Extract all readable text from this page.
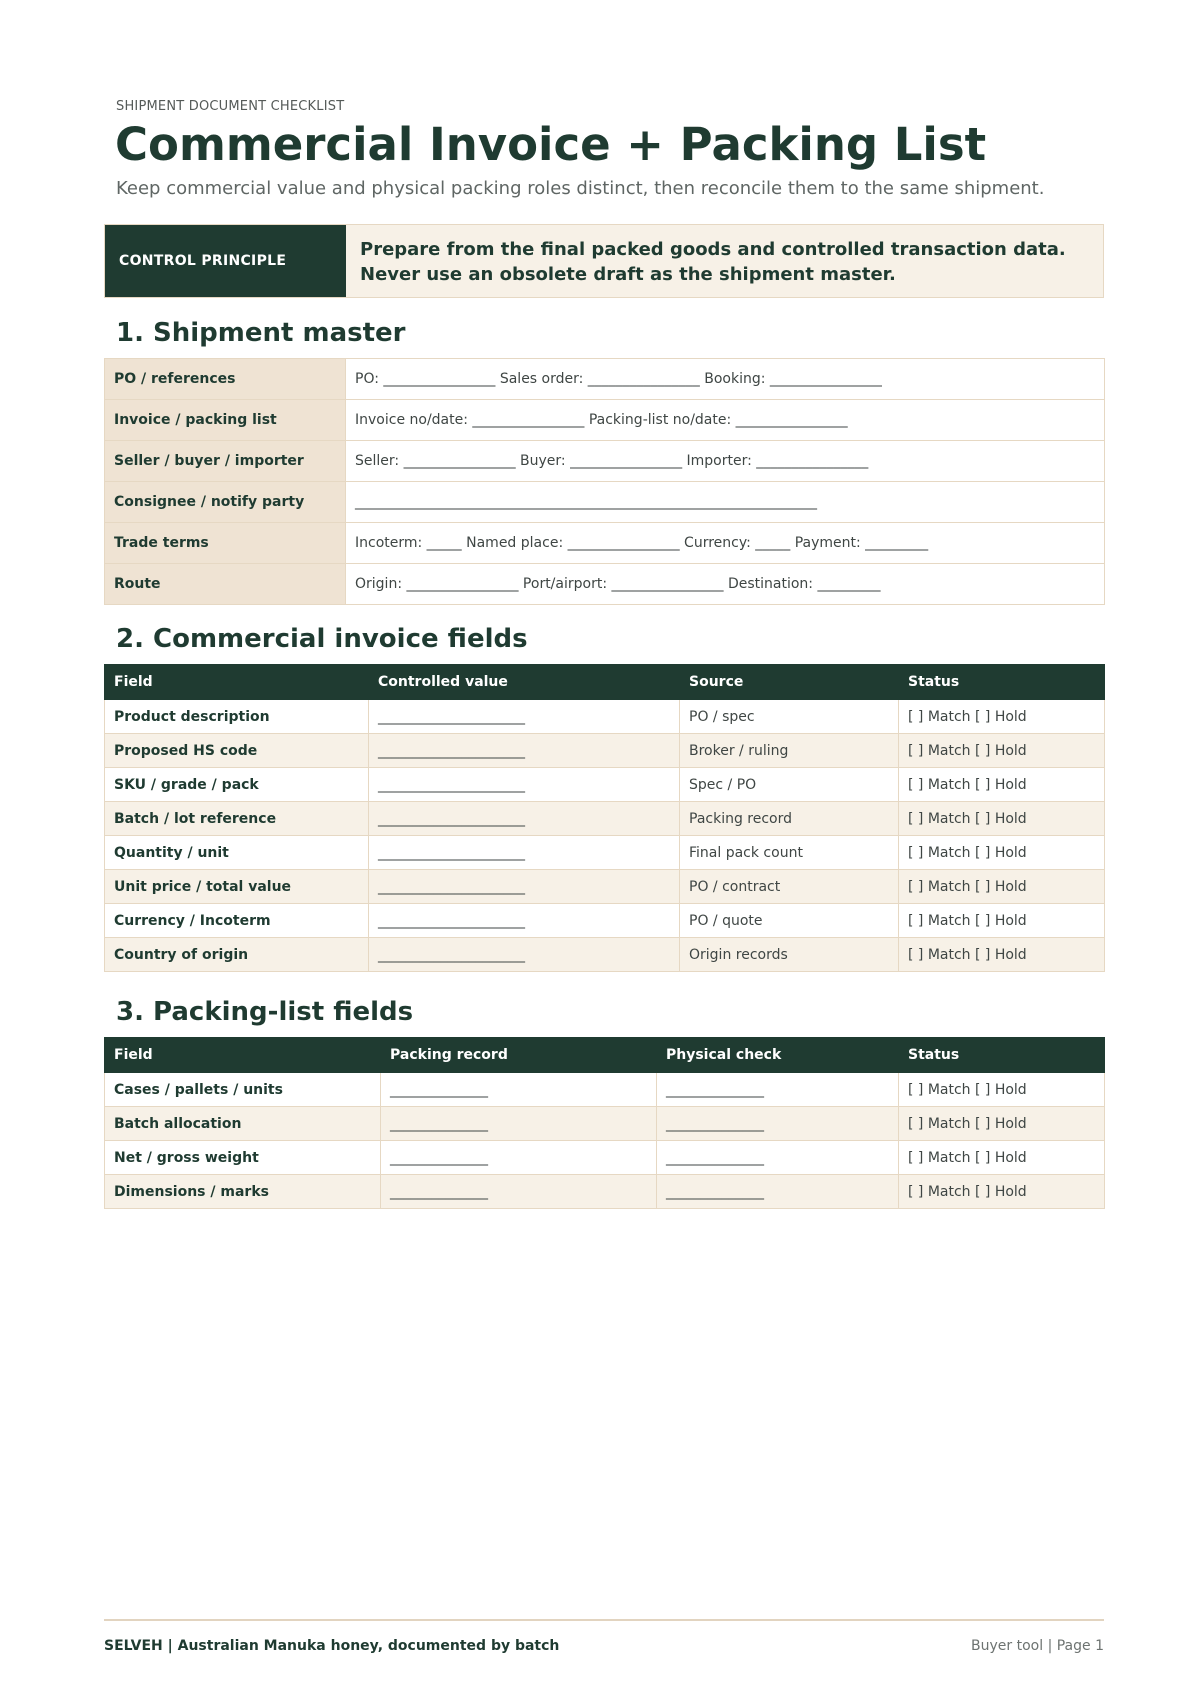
SHIPMENT DOCUMENT CHECKLIST
Commercial Invoice + Packing List
Keep commercial value and physical packing roles distinct, then reconcile them to the same shipment.
CONTROL PRINCIPLE
Prepare from the final packed goods and controlled transaction data.
Never use an obsolete draft as the shipment master.
1. Shipment master
PO / references	PO: ________________ Sales order: ________________ Booking: ________________
Invoice / packing list	Invoice no/date: ________________ Packing-list no/date: ________________
Seller / buyer / importer	Seller: ________________ Buyer: ________________ Importer: ________________
Consignee / notify party	__________________________________________________________________
Trade terms	Incoterm: _____ Named place: ________________ Currency: _____ Payment: _________
Route	Origin: ________________ Port/airport: ________________ Destination: _________
2. Commercial invoice fields
Field	Controlled value	Source	Status
Product description	_____________________	PO / spec	[ ] Match [ ] Hold
Proposed HS code	_____________________	Broker / ruling	[ ] Match [ ] Hold
SKU / grade / pack	_____________________	Spec / PO	[ ] Match [ ] Hold
Batch / lot reference	_____________________	Packing record	[ ] Match [ ] Hold
Quantity / unit	_____________________	Final pack count	[ ] Match [ ] Hold
Unit price / total value	_____________________	PO / contract	[ ] Match [ ] Hold
Currency / Incoterm	_____________________	PO / quote	[ ] Match [ ] Hold
Country of origin	_____________________	Origin records	[ ] Match [ ] Hold
3. Packing-list fields
Field	Packing record	Physical check	Status
Cases / pallets / units	______________	______________	[ ] Match [ ] Hold
Batch allocation	______________	______________	[ ] Match [ ] Hold
Net / gross weight	______________	______________	[ ] Match [ ] Hold
Dimensions / marks	______________	______________	[ ] Match [ ] Hold
SELVEH | Australian Manuka honey, documented by batch	Buyer tool | Page 1
